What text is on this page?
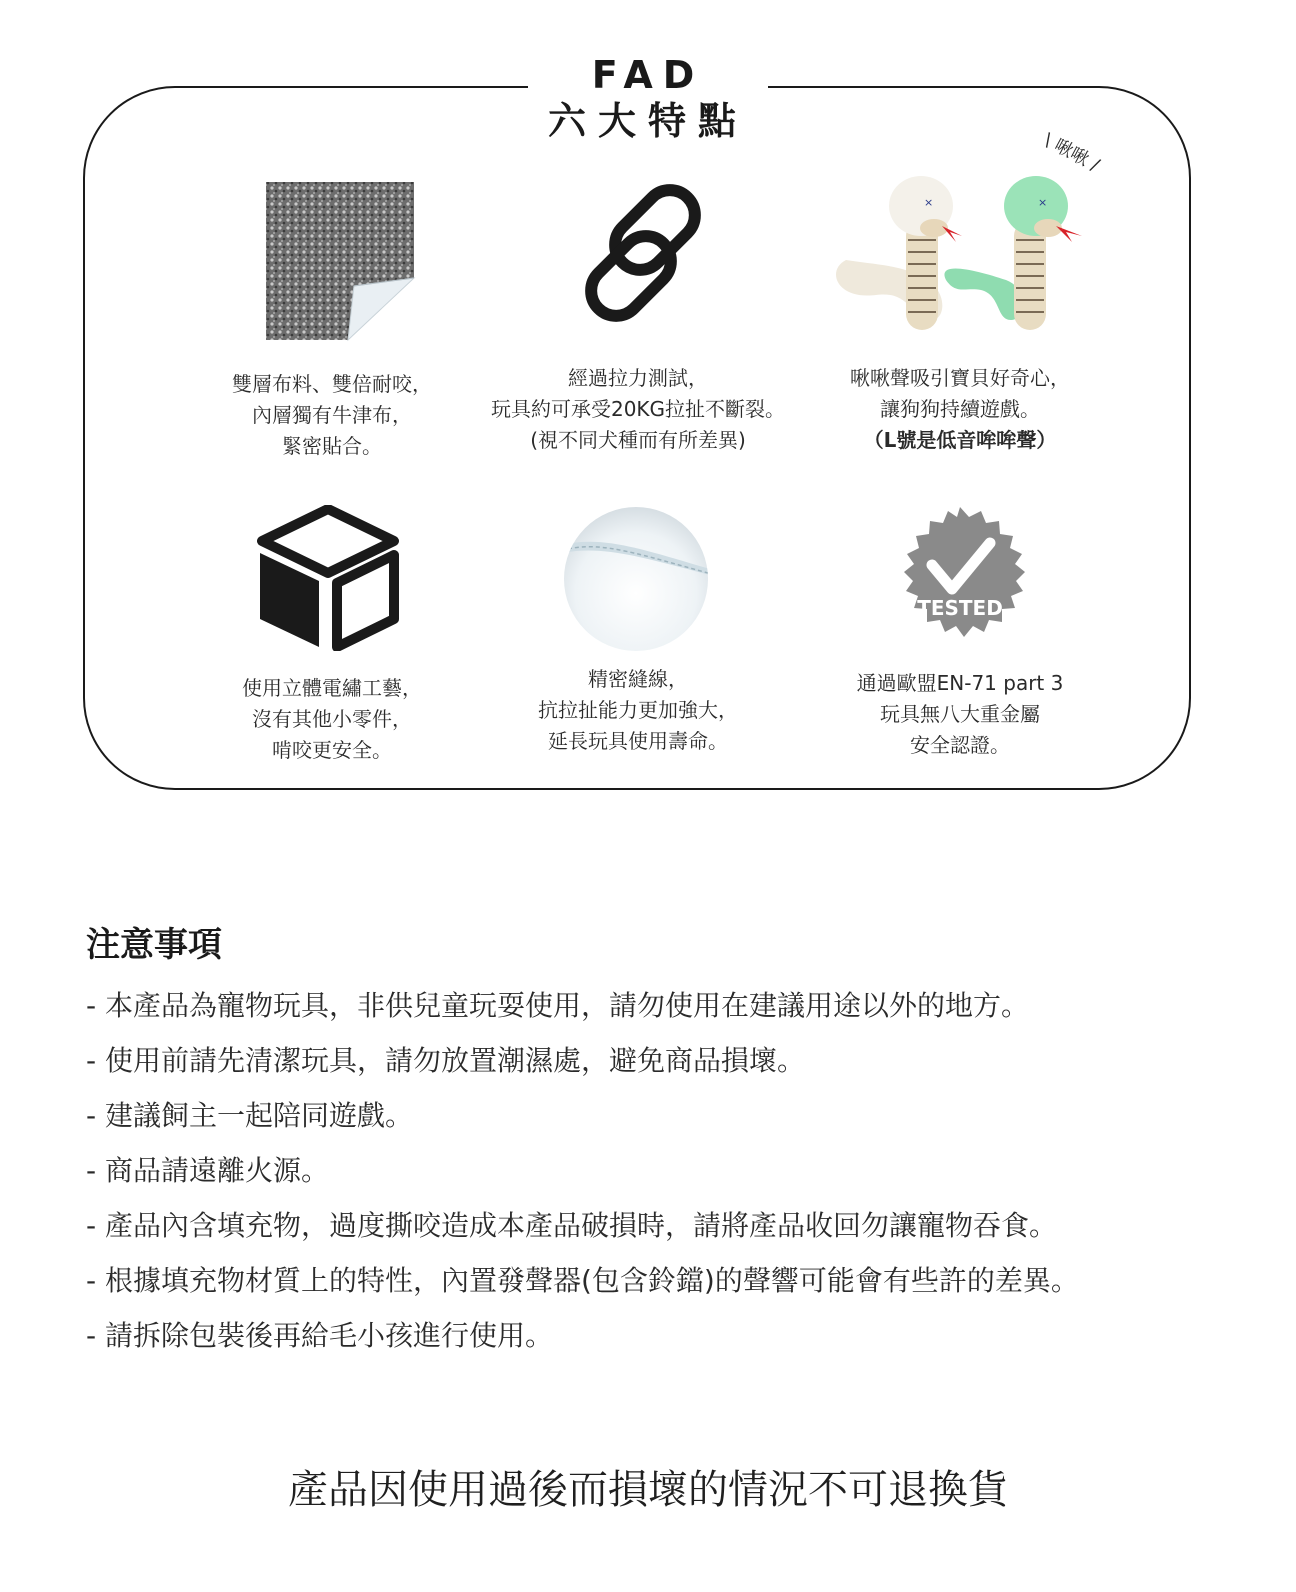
FAD
六大特點
\ 啾啾 /
×	×
TESTED
雙層布料、雙倍耐咬，
內層獨有牛津布，
緊密貼合。
經過拉力測試，
玩具約可承受20KG拉扯不斷裂。
(視不同犬種而有所差異)
啾啾聲吸引寶貝好奇心，
讓狗狗持續遊戲。
（L號是低音哞哞聲）
使用立體電繡工藝，
沒有其他小零件，
啃咬更安全。
精密縫線，
抗拉扯能力更加強大，
延長玩具使用壽命。
通過歐盟EN-71 part 3
玩具無八大重金屬
安全認證。
注意事項
- 本產品為寵物玩具，非供兒童玩耍使用，請勿使用在建議用途以外的地方。
- 使用前請先清潔玩具，請勿放置潮濕處，避免商品損壞。
- 建議飼主一起陪同遊戲。
- 商品請遠離火源。
- 產品內含填充物，過度撕咬造成本產品破損時，請將產品收回勿讓寵物吞食。
- 根據填充物材質上的特性，內置發聲器(包含鈴鐺)的聲響可能會有些許的差異。
- 請拆除包裝後再給毛小孩進行使用。
產品因使用過後而損壞的情況不可退換貨
